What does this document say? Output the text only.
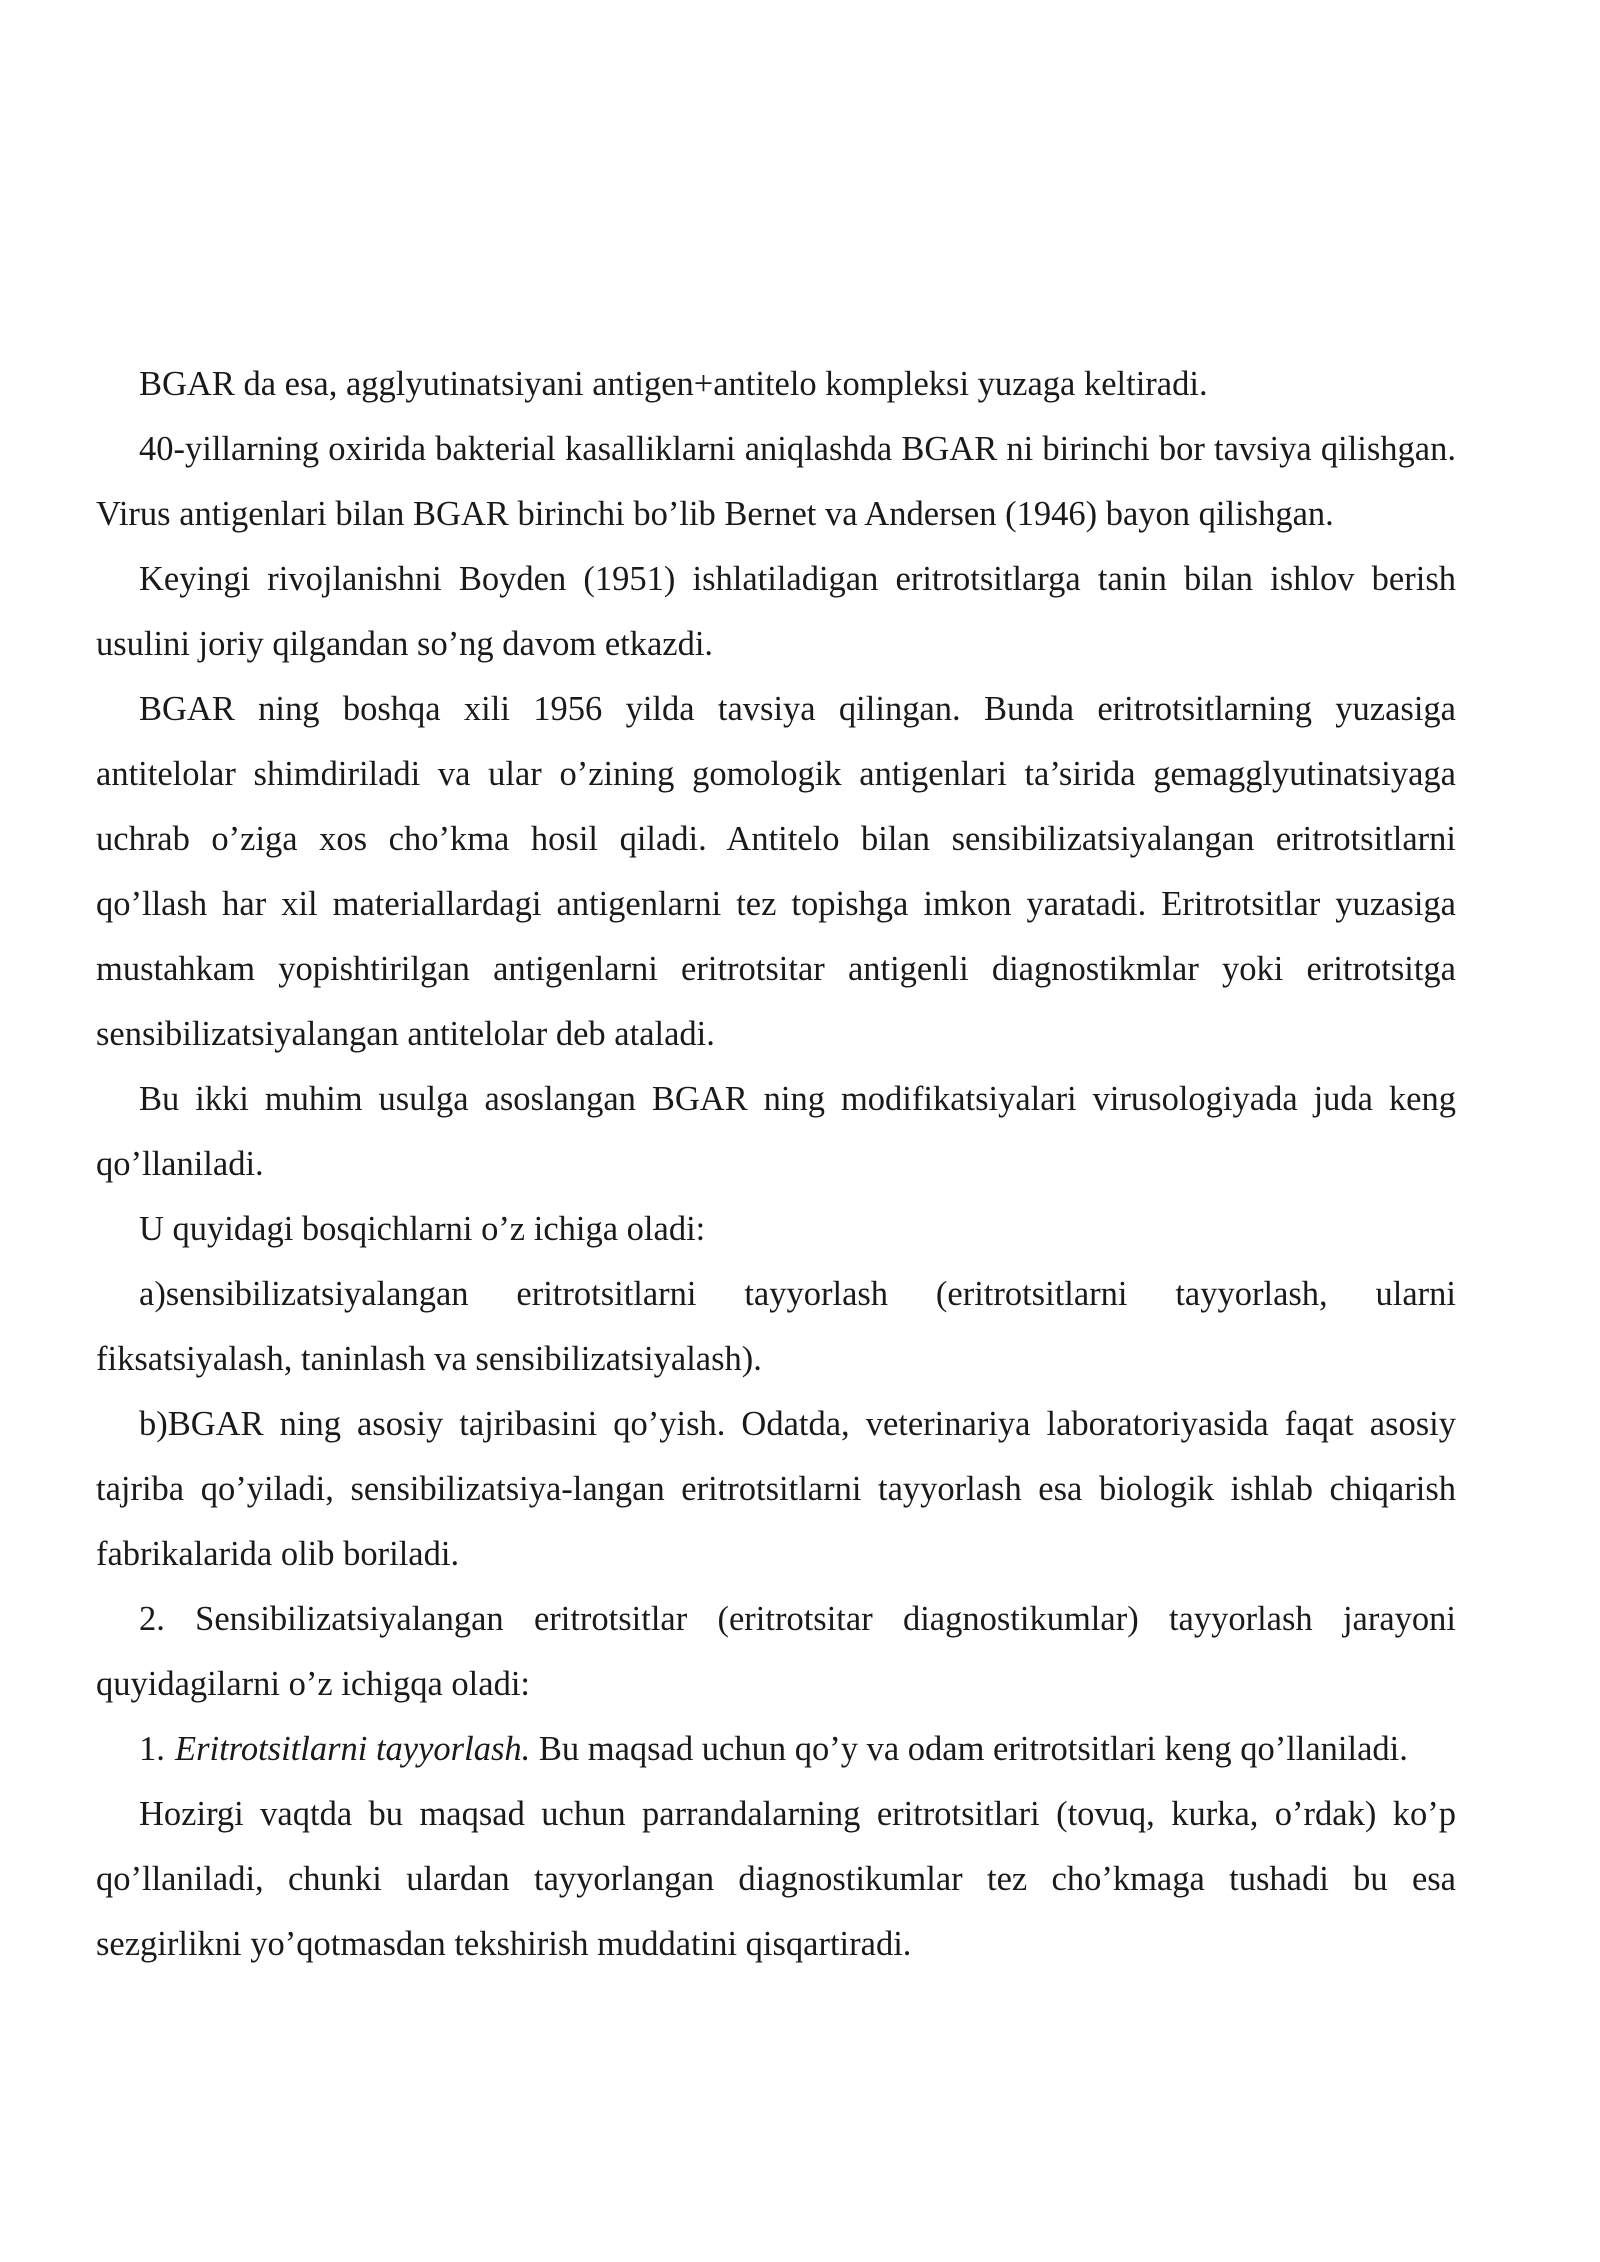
BGAR da esa, agglyutinatsiyani antigen+antitelo kompleksi yuzaga keltiradi.

40-yillarning oxirida bakterial kasalliklarni aniqlashda BGAR ni birinchi bor tavsiya qilishgan. Virus antigenlari bilan BGAR birinchi bo’lib Bernet va Andersen (1946) bayon qilishgan.

Keyingi rivojlanishni Boyden (1951) ishlatiladigan eritrotsitlarga tanin bilan ishlov berish usulini joriy qilgandan so’ng davom etkazdi.

BGAR ning boshqa xili 1956 yilda tavsiya qilingan. Bunda eritrotsitlarning yuzasiga antitelolar shimdiriladi va ular o’zining gomologik antigenlari ta’sirida gemagglyutinatsiyaga uchrab o’ziga xos cho’kma hosil qiladi. Antitelo bilan sensibilizatsiyalangan eritrotsitlarni qo’llash har xil materiallardagi antigenlarni tez topishga imkon yaratadi. Eritrotsitlar yuzasiga mustahkam yopishtirilgan antigenlarni eritrotsitar antigenli diagnostikmlar yoki eritrotsitga sensibilizatsiyalangan antitelolar deb ataladi.

Bu ikki muhim usulga asoslangan BGAR ning modifikatsiyalari virusologiyada juda keng qo’llaniladi.

U quyidagi bosqichlarni o’z ichiga oladi:

a)sensibilizatsiyalangan eritrotsitlarni tayyorlash (eritrotsitlarni tayyorlash, ularni fiksatsiyalash, taninlash va sensibilizatsiyalash).

b)BGAR ning asosiy tajribasini qo’yish. Odatda, veterinariya laboratoriyasida faqat asosiy tajriba qo’yiladi, sensibilizatsiya-langan eritrotsitlarni tayyorlash esa biologik ishlab chiqarish fabrikalarida olib boriladi.

2. Sensibilizatsiyalangan eritrotsitlar (eritrotsitar diagnostikumlar) tayyorlash jarayoni quyidagilarni o’z ichigqa oladi:

1. Eritrotsitlarni tayyorlash. Bu maqsad uchun qo’y va odam eritrotsitlari keng qo’llaniladi.

Hozirgi vaqtda bu maqsad uchun parrandalarning eritrotsitlari (tovuq, kurka, o’rdak) ko’p qo’llaniladi, chunki ulardan tayyorlangan diagnostikumlar tez cho’kmaga tushadi bu esa sezgirlikni yo’qotmasdan tekshirish muddatini qisqartiradi.
